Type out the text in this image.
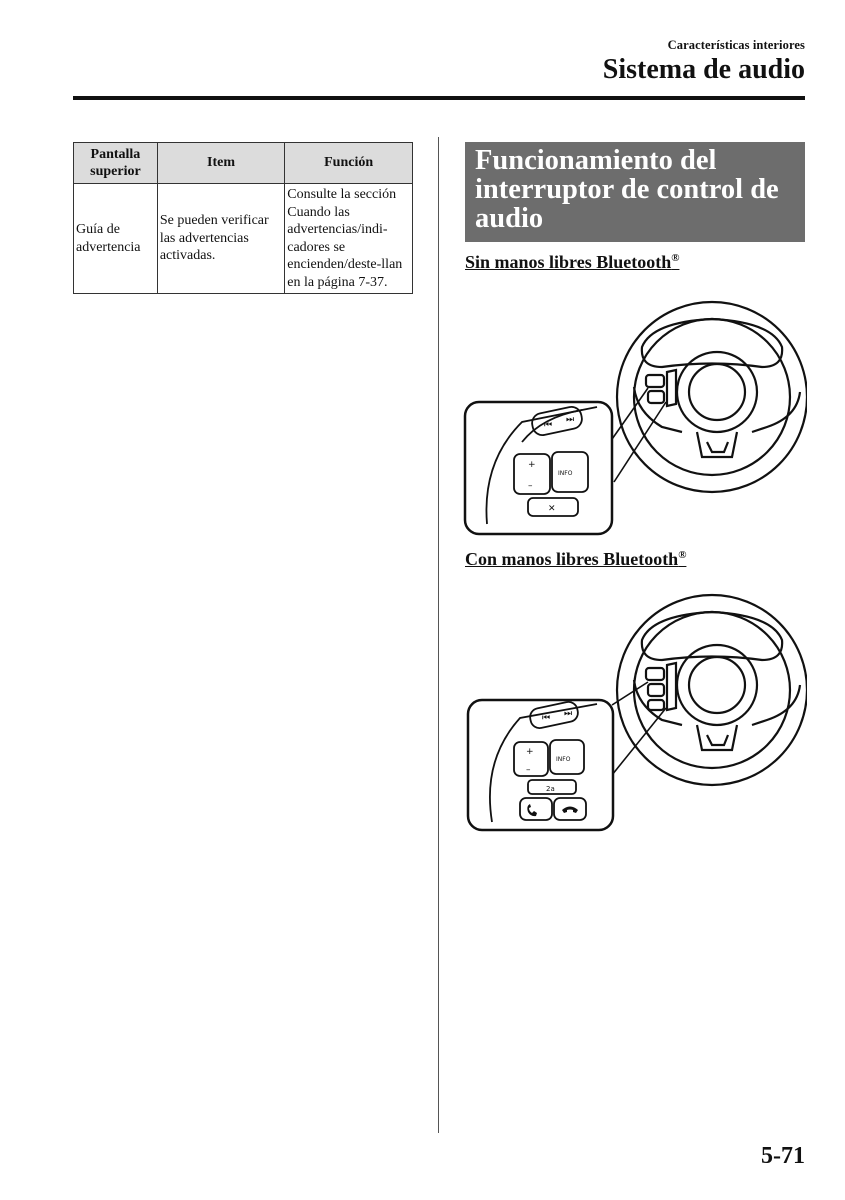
Características interiores
Sistema de audio
Pantalla superior	Item	Función
Guía de advertencia	Se pueden verificar las advertencias activadas.	Consulte la sección Cuando las advertencias/indi-cadores se encienden/deste-llan en la página 7-37.
Funcionamiento del interruptor de control de audio
Sin manos libres Bluetooth®
⏮ ⏭
+
–
INFO
✕
Con manos libres Bluetooth®
⏮ ⏭
+
–
INFO
2a
5-71
